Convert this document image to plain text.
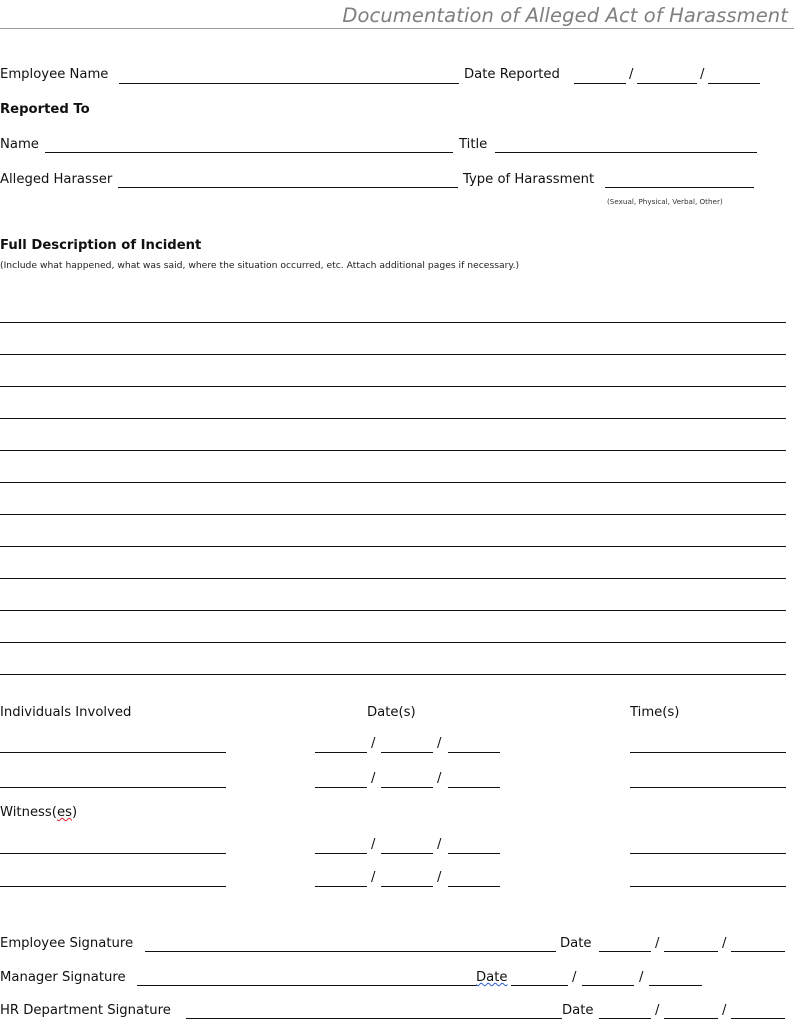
Documentation of Alleged Act of Harassment
Employee Name	Date Reported	/	/
Reported To
Name	Title
Alleged Harasser	Type of Harassment
(Sexual, Physical, Verbal, Other)
Full Description of Incident
(Include what happened, what was said, where the situation occurred, etc. Attach additional pages if necessary.)
Individuals Involved	Date(s)	Time(s)
/	/
/	/
Witness(es)
/	/
/	/
Employee Signature	Date	/	/
Manager Signature	Date	/	/
HR Department Signature	Date	/	/
